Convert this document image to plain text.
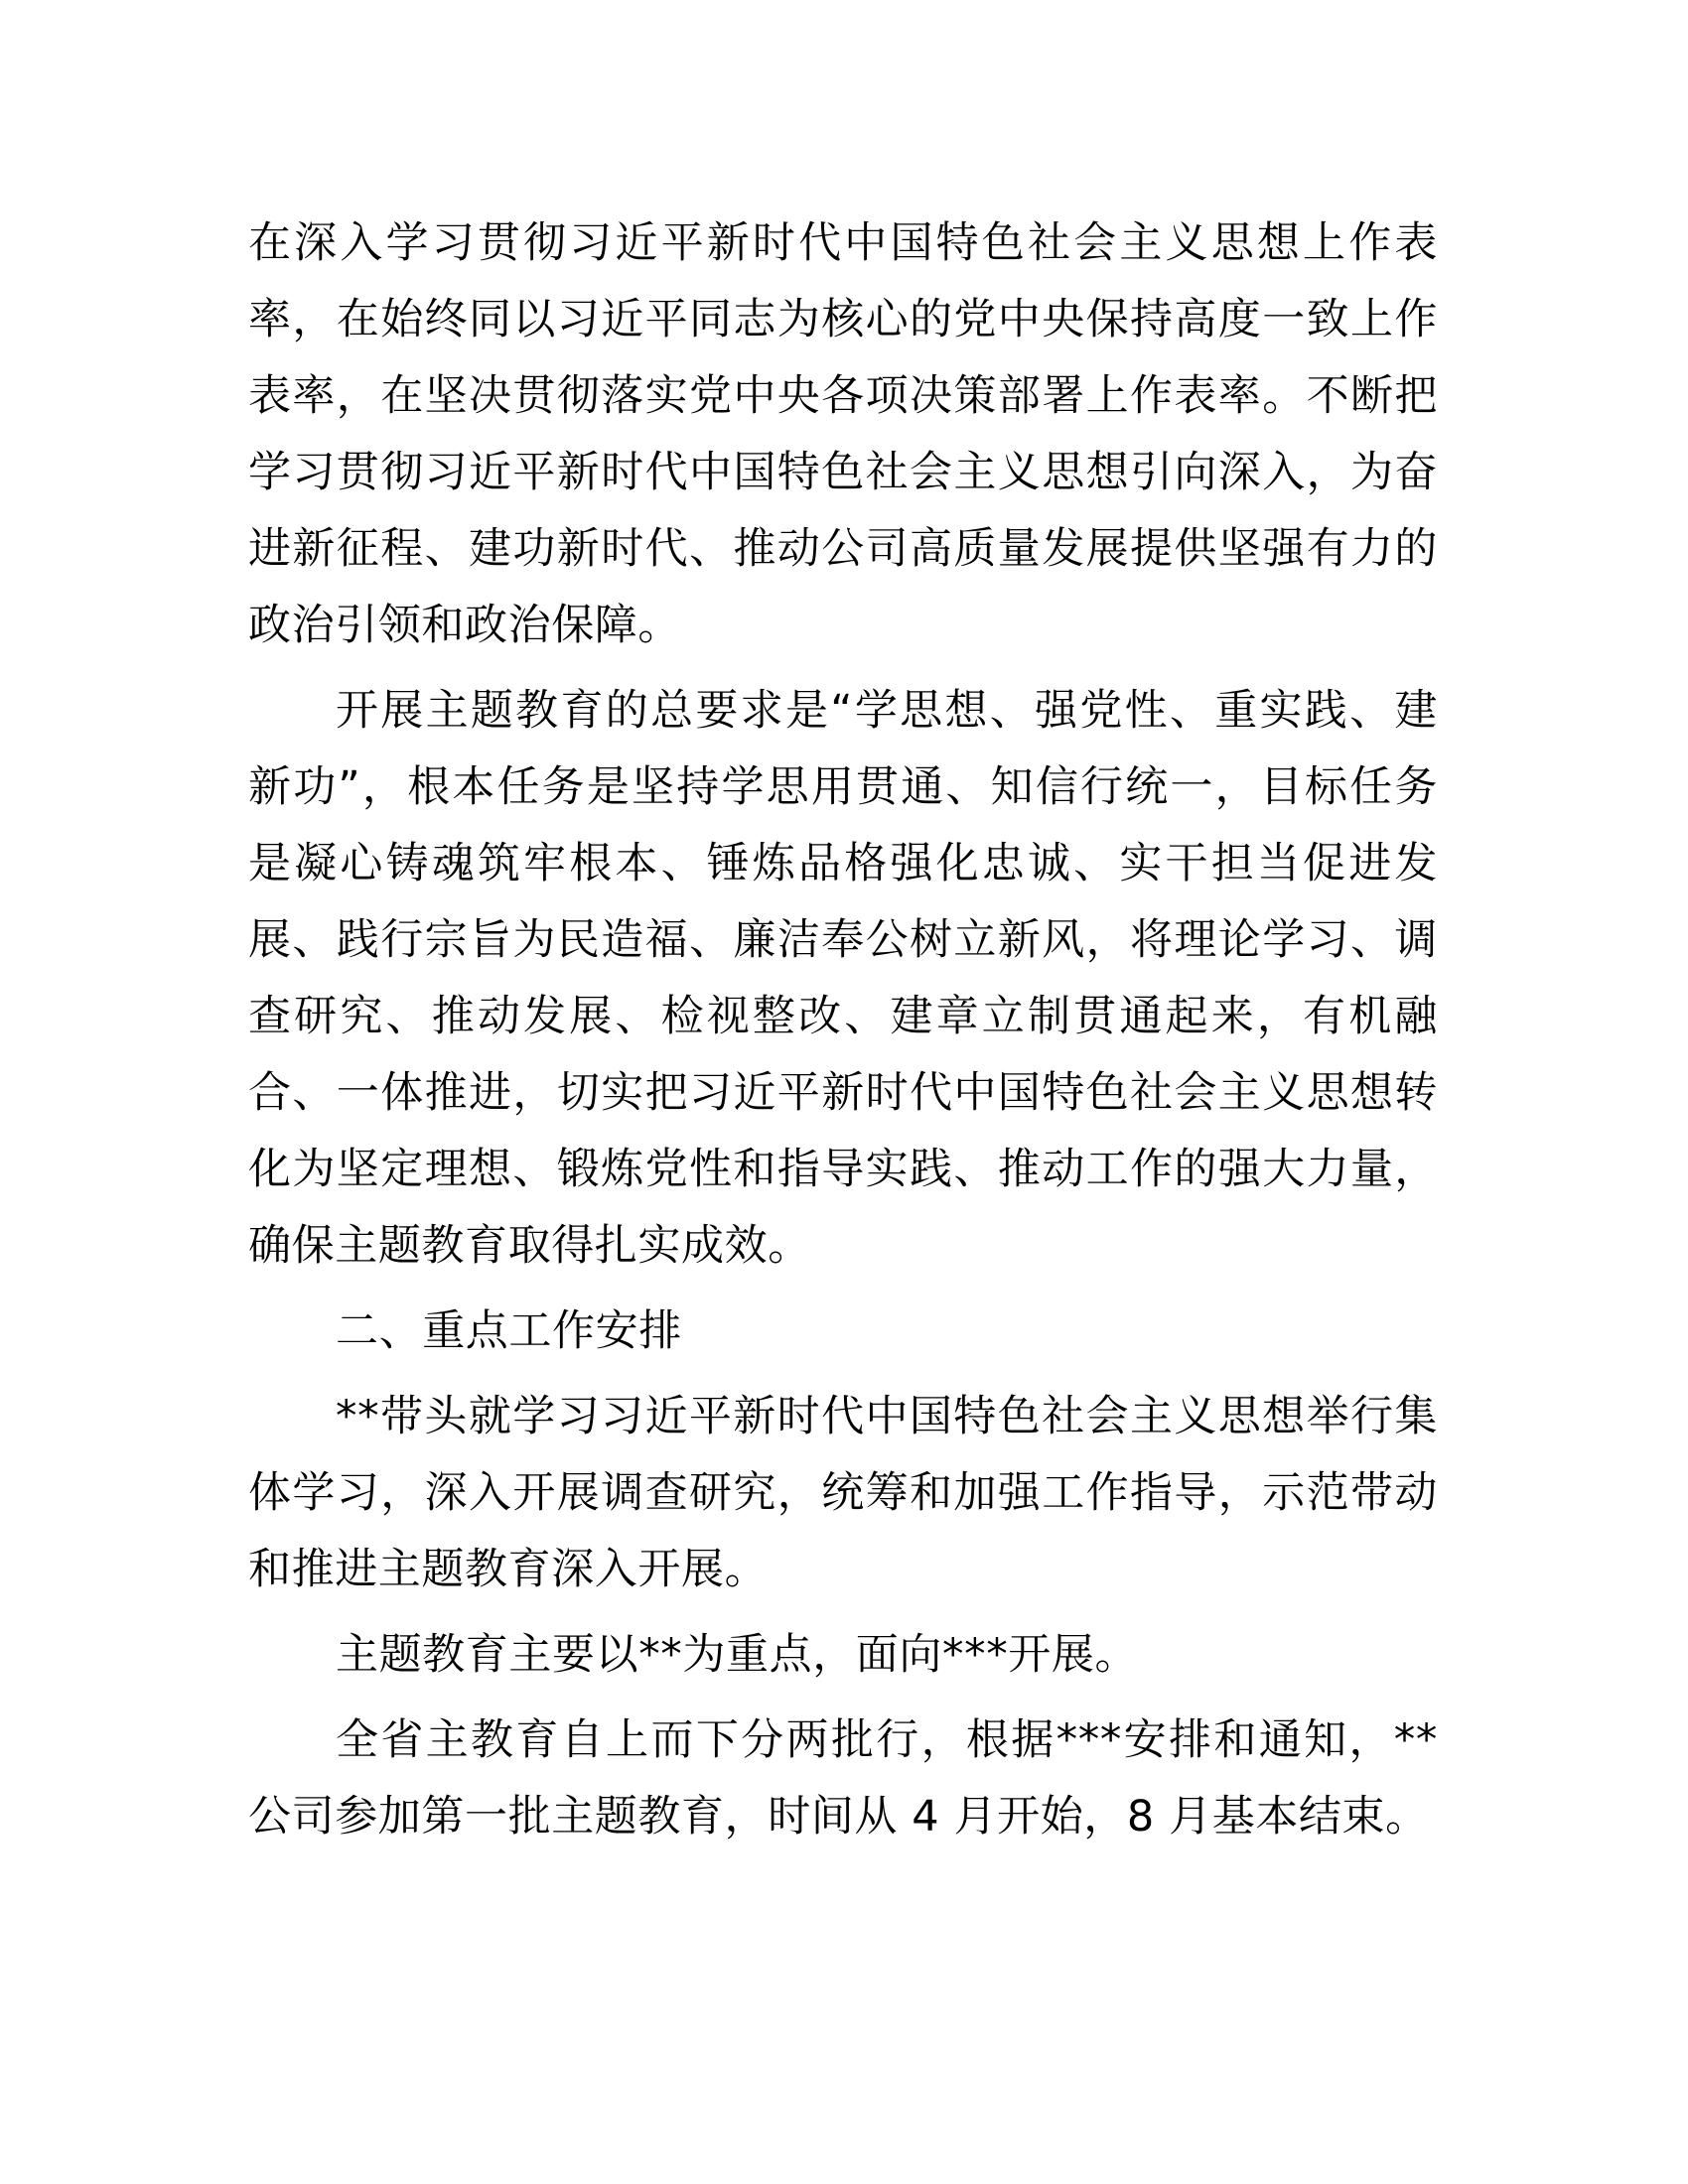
在深入学习贯彻习近平新时代中国特色社会主义思想上作表率，在始终同以习近平同志为核心的党中央保持高度一致上作表率，在坚决贯彻落实党中央各项决策部署上作表率。不断把学习贯彻习近平新时代中国特色社会主义思想引向深入，为奋进新征程、建功新时代、推动公司高质量发展提供坚强有力的政治引领和政治保障。

开展主题教育的总要求是“学思想、强党性、重实践、建新功”，根本任务是坚持学思用贯通、知信行统一，目标任务是凝心铸魂筑牢根本、锤炼品格强化忠诚、实干担当促进发展、践行宗旨为民造福、廉洁奉公树立新风，将理论学习、调查研究、推动发展、检视整改、建章立制贯通起来，有机融合、一体推进，切实把习近平新时代中国特色社会主义思想转化为坚定理想、锻炼党性和指导实践、推动工作的强大力量，确保主题教育取得扎实成效。

二、重点工作安排

**带头就学习习近平新时代中国特色社会主义思想举行集体学习，深入开展调查研究，统筹和加强工作指导，示范带动和推进主题教育深入开展。

主题教育主要以**为重点，面向***开展。

全省主教育自上而下分两批行，根据***安排和通知，**公司参加第一批主题教育，时间从 4 月开始，8 月基本结束。
